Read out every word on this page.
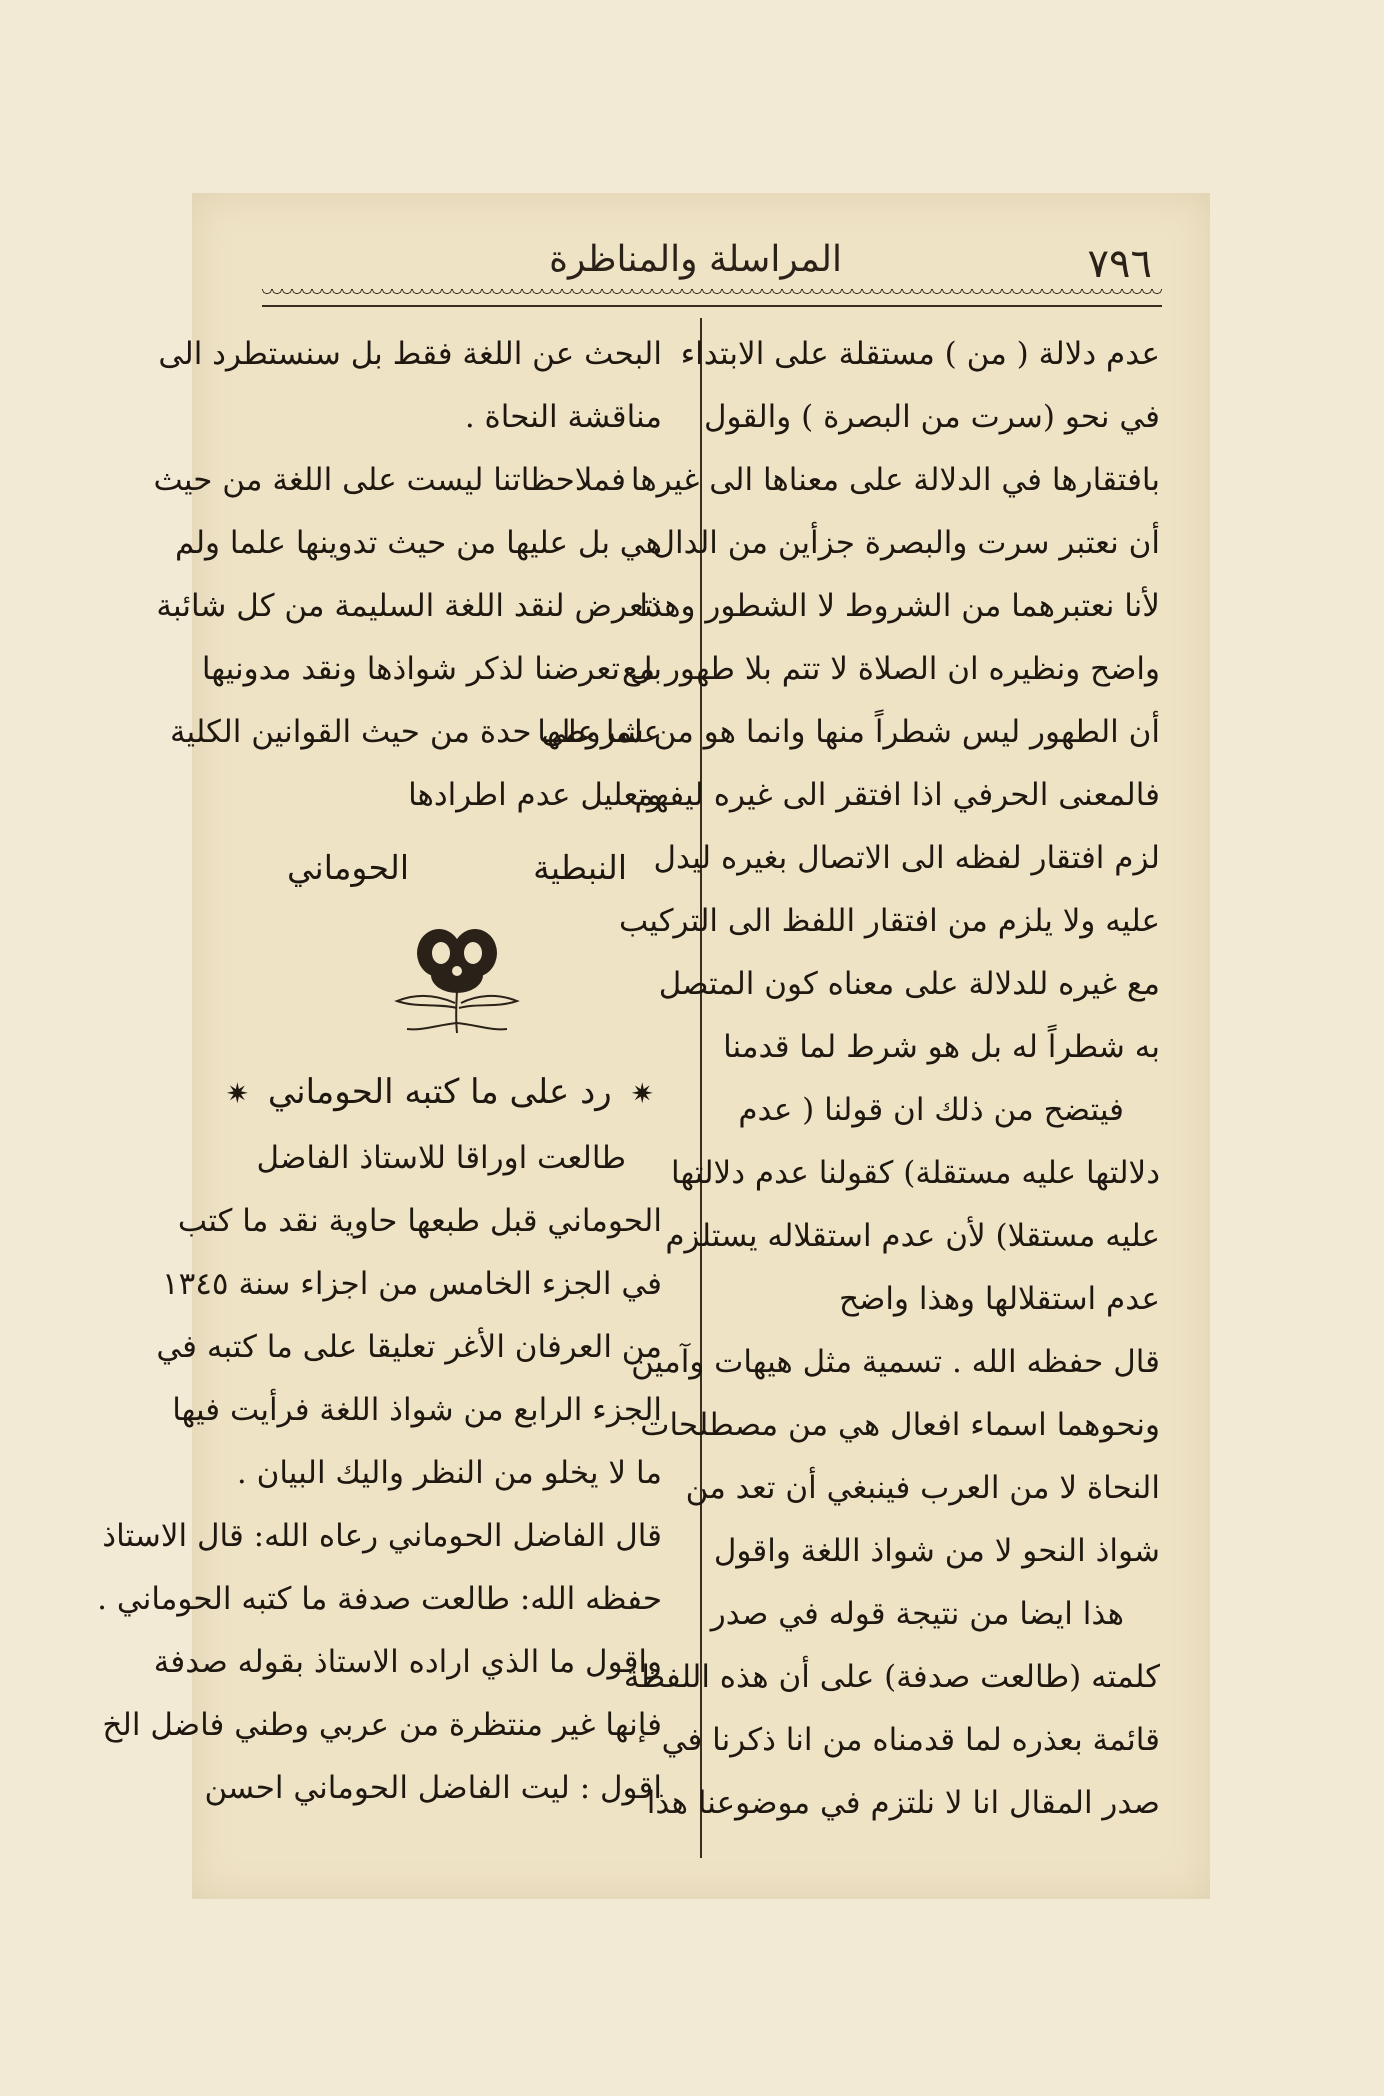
٧٩٦
المراسلة والمناظرة
عدم دلالة ( من ) مستقلة على الابتداء
في نحو (سرت من البصرة ) والقول
بافتقارها في الدلالة على معناها الى غيرها
أن نعتبر سرت والبصرة جزأين من الدال
لأنا نعتبرهما من الشروط لا الشطور وهذا
واضح ونظيره ان الصلاة لا تتم بلا طهور مع
أن الطهور ليس شطراً منها وانما هو من شروطها
فالمعنى الحرفي اذا افتقر الى غيره ليفهم
لزم افتقار لفظه الى الاتصال بغيره ليدل
عليه ولا يلزم من افتقار اللفظ الى التركيب
مع غيره للدلالة على معناه كون المتصل
به شطراً له بل هو شرط لما قدمنا
فيتضح من ذلك ان قولنا ( عدم
دلالتها عليه مستقلة) كقولنا عدم دلالتها
عليه مستقلا) لأن عدم استقلاله يستلزم
عدم استقلالها وهذا واضح
قال حفظه الله . تسمية مثل هيهات وآمين
ونحوهما اسماء افعال هي من مصطلحات
النحاة لا من العرب فينبغي أن تعد من
شواذ النحو لا من شواذ اللغة واقول
هذا ايضا من نتيجة قوله في صدر
كلمته (طالعت صدفة) على أن هذه اللفظة
قائمة بعذره لما قدمناه من انا ذكرنا في
صدر المقال انا لا نلتزم في موضوعنا هذا
البحث عن اللغة فقط بل سنستطرد الى
مناقشة النحاة .
فملاحظاتنا ليست على اللغة من حيث
هي بل عليها من حيث تدوينها علما ولم
نتعرض لنقد اللغة السليمة من كل شائبة
بل تعرضنا لذكر شواذها ونقد مدونيها
علما على حدة من حيث القوانين الكلية
وتعليل عدم اطرادها
النبطية
الحوماني
✷ رد على ما كتبه الحوماني ✷
طالعت اوراقا للاستاذ الفاضل
الحوماني قبل طبعها حاوية نقد ما كتب
في الجزء الخامس من اجزاء سنة ١٣٤٥
من العرفان الأغر تعليقا على ما كتبه في
الجزء الرابع من شواذ اللغة فرأيت فيها
ما لا يخلو من النظر واليك البيان .
قال الفاضل الحوماني رعاه الله: قال الاستاذ
حفظه الله: طالعت صدفة ما كتبه الحوماني .
واقول ما الذي اراده الاستاذ بقوله صدفة
فإنها غير منتظرة من عربي وطني فاضل الخ
اقول : ليت الفاضل الحوماني احسن
